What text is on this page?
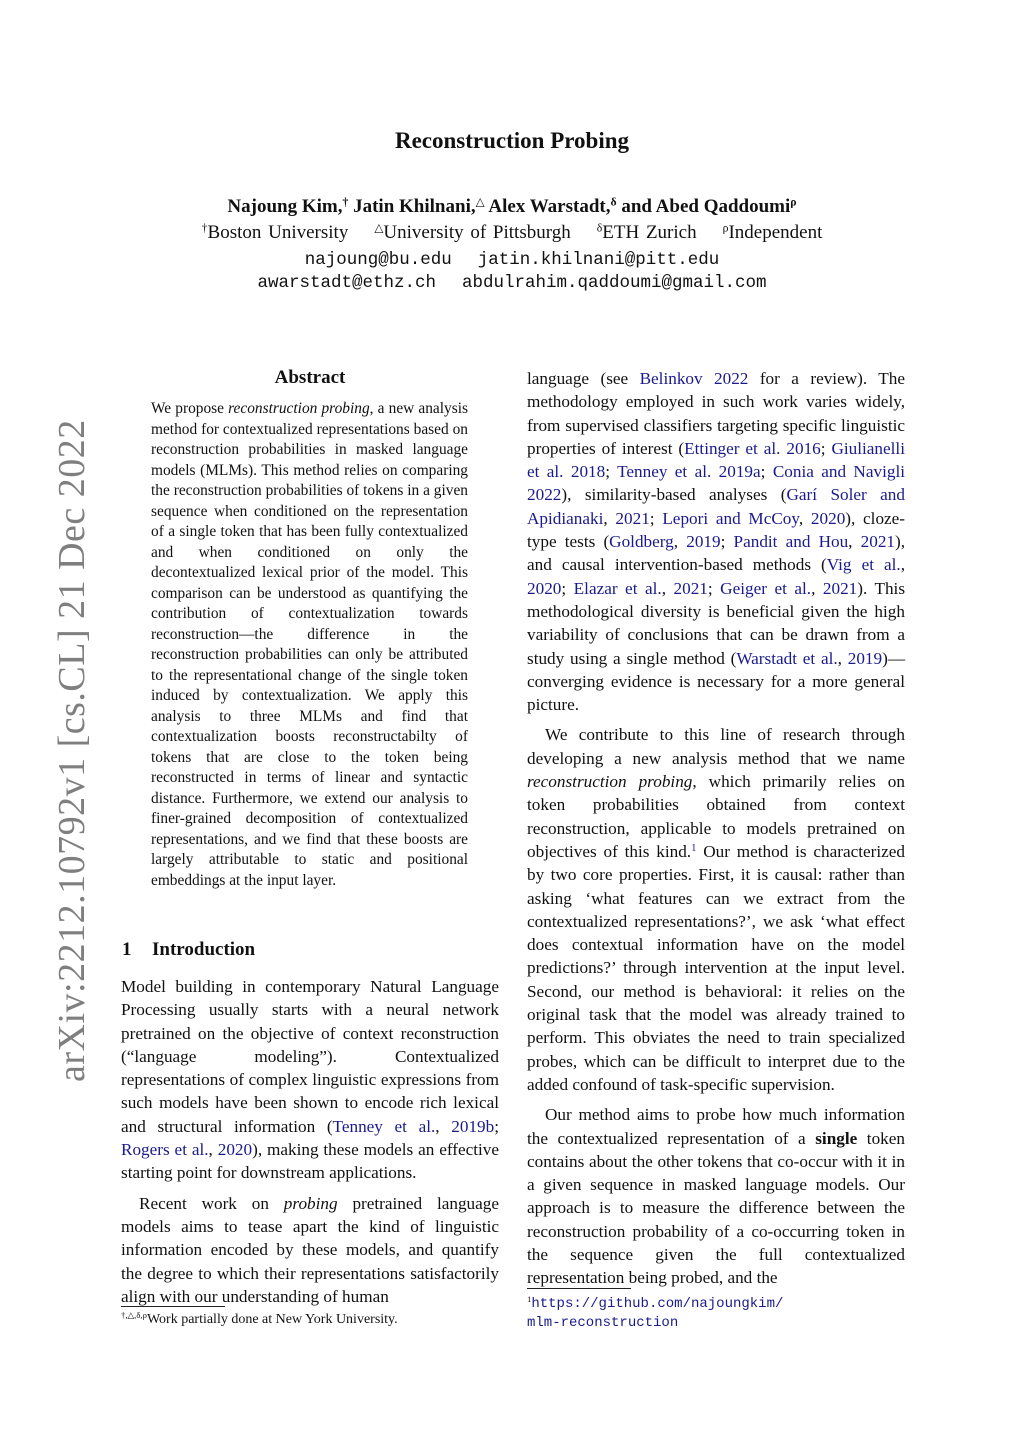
Reconstruction Probing
Najoung Kim,† Jatin Khilnani,△ Alex Warstadt,$^\delta$ and Abed Qaddoumi$^\rho$
†Boston University △University of Pittsburgh $^\delta$ETH Zurich $^\rho$Independent
najoung@bu.edu jatin.khilnani@pitt.edu
awarstadt@ethz.ch abdulrahim.qaddoumi@gmail.com
arXiv:2212.10792v1 [cs.CL] 21 Dec 2022
Abstract
We propose reconstruction probing, a new analysis method for contextualized representations based on reconstruction probabilities in masked language models (MLMs). This method relies on comparing the reconstruction probabilities of tokens in a given sequence when conditioned on the representation of a single token that has been fully contextualized and when conditioned on only the decontextualized lexical prior of the model. This comparison can be understood as quantifying the contribution of contextualization towards reconstruction—the difference in the reconstruction probabilities can only be attributed to the representational change of the single token induced by contextualization. We apply this analysis to three MLMs and find that contextualization boosts reconstructabilty of tokens that are close to the token being reconstructed in terms of linear and syntactic distance. Furthermore, we extend our analysis to finer-grained decomposition of contextualized representations, and we find that these boosts are largely attributable to static and positional embeddings at the input layer.
1 Introduction

Model building in contemporary Natural Language Processing usually starts with a neural network pretrained on the objective of context reconstruction (“language modeling”). Contextualized representations of complex linguistic expressions from such models have been shown to encode rich lexical and structural information (Tenney et al., 2019b; Rogers et al., 2020), making these models an effective starting point for downstream applications.

Recent work on probing pretrained language models aims to tease apart the kind of linguistic information encoded by these models, and quantify the degree to which their representations satisfactorily align with our understanding of human

language (see Belinkov 2022 for a review). The methodology employed in such work varies widely, from supervised classifiers targeting specific linguistic properties of interest (Ettinger et al. 2016; Giulianelli et al. 2018; Tenney et al. 2019a; Conia and Navigli 2022), similarity-based analyses (Garí Soler and Apidianaki, 2021; Lepori and McCoy, 2020), cloze-type tests (Goldberg, 2019; Pandit and Hou, 2021), and causal intervention-based methods (Vig et al., 2020; Elazar et al., 2021; Geiger et al., 2021). This methodological diversity is beneficial given the high variability of conclusions that can be drawn from a study using a single method (Warstadt et al., 2019)—converging evidence is necessary for a more general picture.

We contribute to this line of research through developing a new analysis method that we name reconstruction probing, which primarily relies on token probabilities obtained from context reconstruction, applicable to models pretrained on objectives of this kind.$^1$ Our method is characterized by two core properties. First, it is causal: rather than asking ‘what features can we extract from the contextualized representations?’, we ask ‘what effect does contextual information have on the model predictions?’ through intervention at the input level. Second, our method is behavioral: it relies on the original task that the model was already trained to perform. This obviates the need to train specialized probes, which can be difficult to interpret due to the added confound of task-specific supervision.

Our method aims to probe how much information the contextualized representation of a single token contains about the other tokens that co-occur with it in a given sequence in masked language models. Our approach is to measure the difference between the reconstruction probability of a co-occurring token in the sequence given the full contextualized representation being probed, and the

$^{\dagger,\triangle,\delta,\rho}$Work partially done at New York University.
$^1$https://github.com/najoungkim/
mlm-reconstruction
